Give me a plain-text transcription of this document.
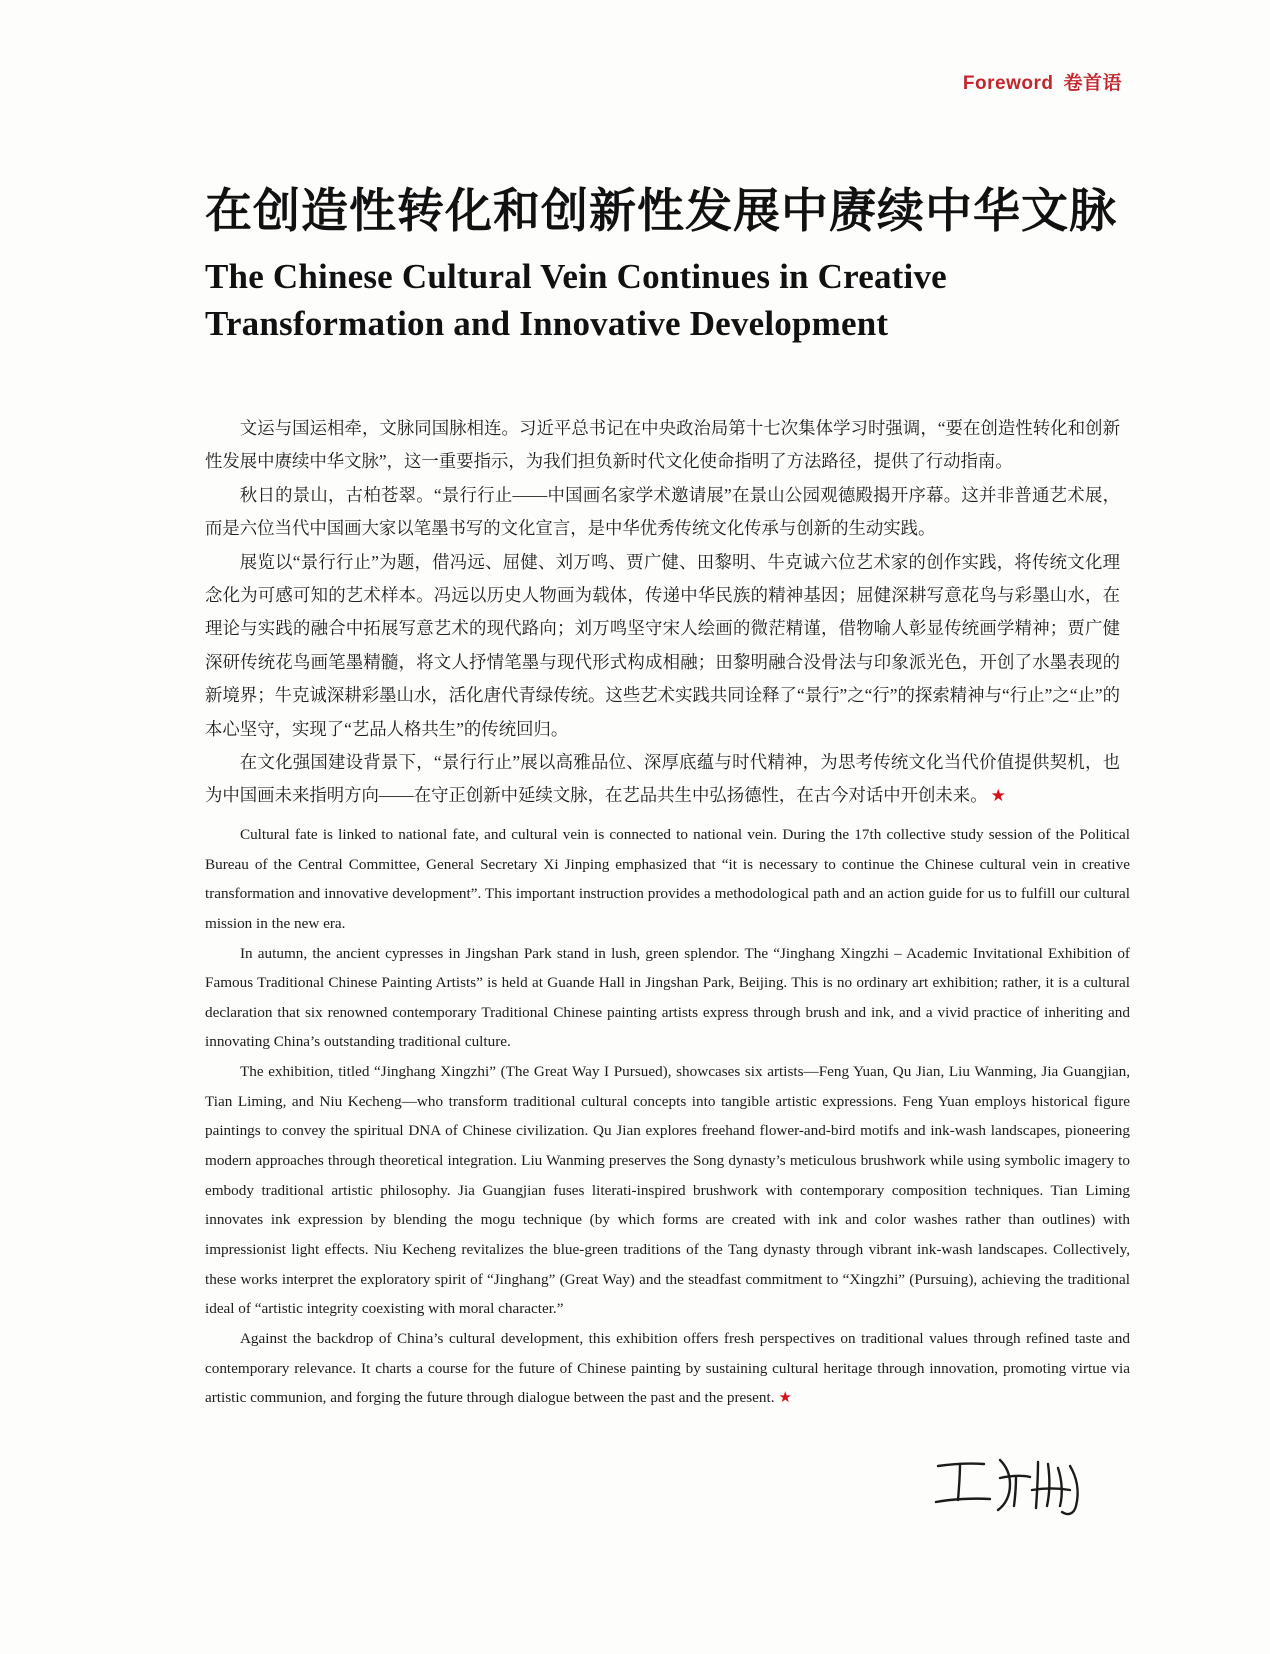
Foreword 卷首语
在创造性转化和创新性发展中赓续中华文脉
The Chinese Cultural Vein Continues in Creative Transformation and Innovative Development

文运与国运相牵，文脉同国脉相连。习近平总书记在中央政治局第十七次集体学习时强调，“要在创造性转化和创新性发展中赓续中华文脉”，这一重要指示，为我们担负新时代文化使命指明了方法路径，提供了行动指南。

秋日的景山，古柏苍翠。“景行行止——中国画名家学术邀请展”在景山公园观德殿揭开序幕。这并非普通艺术展，而是六位当代中国画大家以笔墨书写的文化宣言，是中华优秀传统文化传承与创新的生动实践。

展览以“景行行止”为题，借冯远、屈健、刘万鸣、贾广健、田黎明、牛克诚六位艺术家的创作实践，将传统文化理念化为可感可知的艺术样本。冯远以历史人物画为载体，传递中华民族的精神基因；屈健深耕写意花鸟与彩墨山水，在理论与实践的融合中拓展写意艺术的现代路向；刘万鸣坚守宋人绘画的微茫精谨，借物喻人彰显传统画学精神；贾广健深研传统花鸟画笔墨精髓，将文人抒情笔墨与现代形式构成相融；田黎明融合没骨法与印象派光色，开创了水墨表现的新境界；牛克诚深耕彩墨山水，活化唐代青绿传统。这些艺术实践共同诠释了“景行”之“行”的探索精神与“行止”之“止”的本心坚守，实现了“艺品人格共生”的传统回归。

在文化强国建设背景下，“景行行止”展以高雅品位、深厚底蕴与时代精神，为思考传统文化当代价值提供契机，也为中国画未来指明方向——在守正创新中延续文脉，在艺品共生中弘扬德性，在古今对话中开创未来。 ★

Cultural fate is linked to national fate, and cultural vein is connected to national vein. During the 17th collective study session of the Political Bureau of the Central Committee, General Secretary Xi Jinping emphasized that “it is necessary to continue the Chinese cultural vein in creative transformation and innovative development”. This important instruction provides a methodological path and an action guide for us to fulfill our cultural mission in the new era.

In autumn, the ancient cypresses in Jingshan Park stand in lush, green splendor. The “Jinghang Xingzhi – Academic Invitational Exhibition of Famous Traditional Chinese Painting Artists” is held at Guande Hall in Jingshan Park, Beijing. This is no ordinary art exhibition; rather, it is a cultural declaration that six renowned contemporary Traditional Chinese painting artists express through brush and ink, and a vivid practice of inheriting and innovating China’s outstanding traditional culture.

The exhibition, titled “Jinghang Xingzhi” (The Great Way I Pursued), showcases six artists—Feng Yuan, Qu Jian, Liu Wanming, Jia Guangjian, Tian Liming, and Niu Kecheng—who transform traditional cultural concepts into tangible artistic expressions. Feng Yuan employs historical figure paintings to convey the spiritual DNA of Chinese civilization. Qu Jian explores freehand flower-and-bird motifs and ink-wash landscapes, pioneering modern approaches through theoretical integration. Liu Wanming preserves the Song dynasty’s meticulous brushwork while using symbolic imagery to embody traditional artistic philosophy. Jia Guangjian fuses literati-inspired brushwork with contemporary composition techniques. Tian Liming innovates ink expression by blending the mogu technique (by which forms are created with ink and color washes rather than outlines) with impressionist light effects. Niu Kecheng revitalizes the blue-green traditions of the Tang dynasty through vibrant ink-wash landscapes. Collectively, these works interpret the exploratory spirit of “Jinghang” (Great Way) and the steadfast commitment to “Xingzhi” (Pursuing), achieving the traditional ideal of “artistic integrity coexisting with moral character.”

Against the backdrop of China’s cultural development, this exhibition offers fresh perspectives on traditional values through refined taste and contemporary relevance. It charts a course for the future of Chinese painting by sustaining cultural heritage through innovation, promoting virtue via artistic communion, and forging the future through dialogue between the past and the present. ★
